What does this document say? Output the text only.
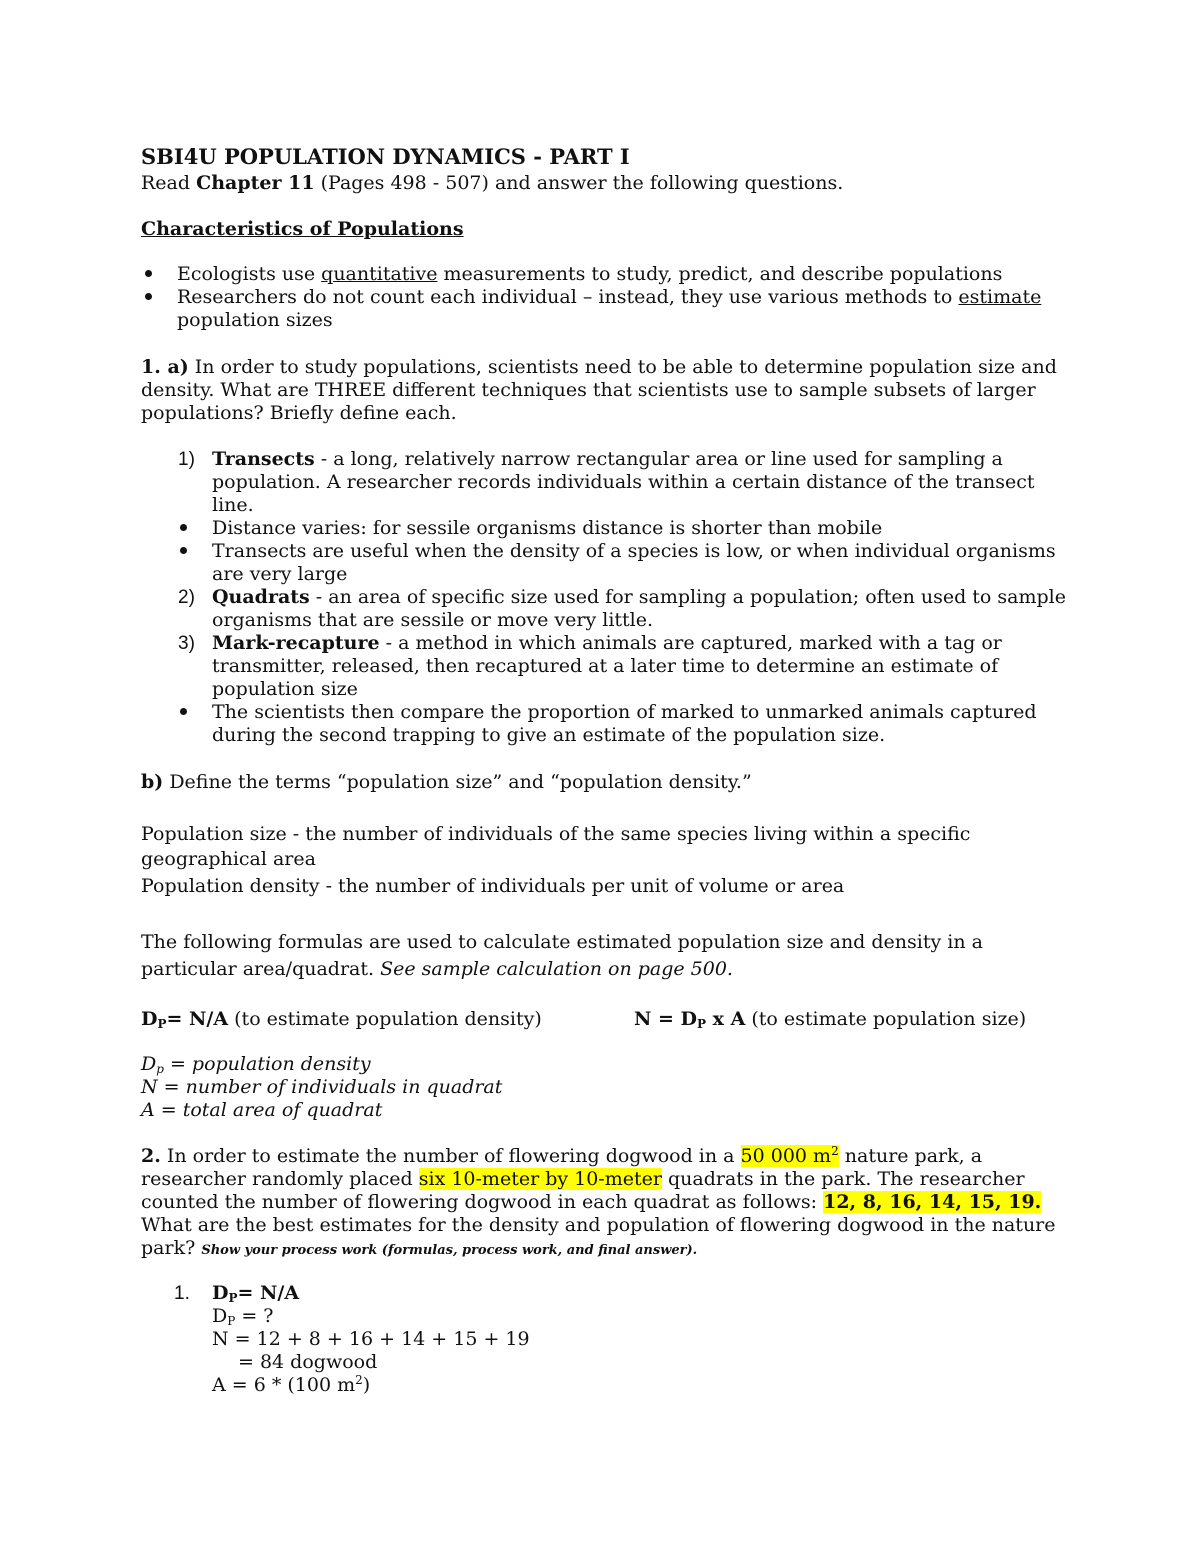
SBI4U POPULATION DYNAMICS - PART I
Read Chapter 11 (Pages 498 - 507) and answer the following questions.
Characteristics of Populations
Ecologists use quantitative measurements to study, predict, and describe populations
Researchers do not count each individual – instead, they use various methods to estimate
population sizes
1. a) In order to study populations, scientists need to be able to determine population size and
density. What are THREE different techniques that scientists use to sample subsets of larger
populations? Briefly define each.
1) Transects - a long, relatively narrow rectangular area or line used for sampling a
population. A researcher records individuals within a certain distance of the transect
line.
Distance varies: for sessile organisms distance is shorter than mobile
Transects are useful when the density of a species is low, or when individual organisms
are very large
2) Quadrats - an area of specific size used for sampling a population; often used to sample
organisms that are sessile or move very little.
3) Mark-recapture - a method in which animals are captured, marked with a tag or
transmitter, released, then recaptured at a later time to determine an estimate of
population size
The scientists then compare the proportion of marked to unmarked animals captured
during the second trapping to give an estimate of the population size.
b) Define the terms “population size” and “population density.”
Population size - the number of individuals of the same species living within a specific
geographical area
Population density - the number of individuals per unit of volume or area
The following formulas are used to calculate estimated population size and density in a
particular area/quadrat. See sample calculation on page 500.
$D_P= N/A$ (to estimate population density)	$N = D_P$ x A (to estimate population size)
$D_p$ = population density
N = number of individuals in quadrat
A = total area of quadrat
2. In order to estimate the number of flowering dogwood in a 50 000 $m^2$ nature park, a
researcher randomly placed six 10-meter by 10-meter quadrats in the park. The researcher
counted the number of flowering dogwood in each quadrat as follows: 12, 8, 16, 14, 15, 19.
What are the best estimates for the density and population of flowering dogwood in the nature
park? Show your process work (formulas, process work, and final answer).
1. $D_P= N/A$
$D_P$ = ?
N = 12 + 8 + 16 + 14 + 15 + 19
= 84 dogwood
A = 6 * (100 $m^2$)
